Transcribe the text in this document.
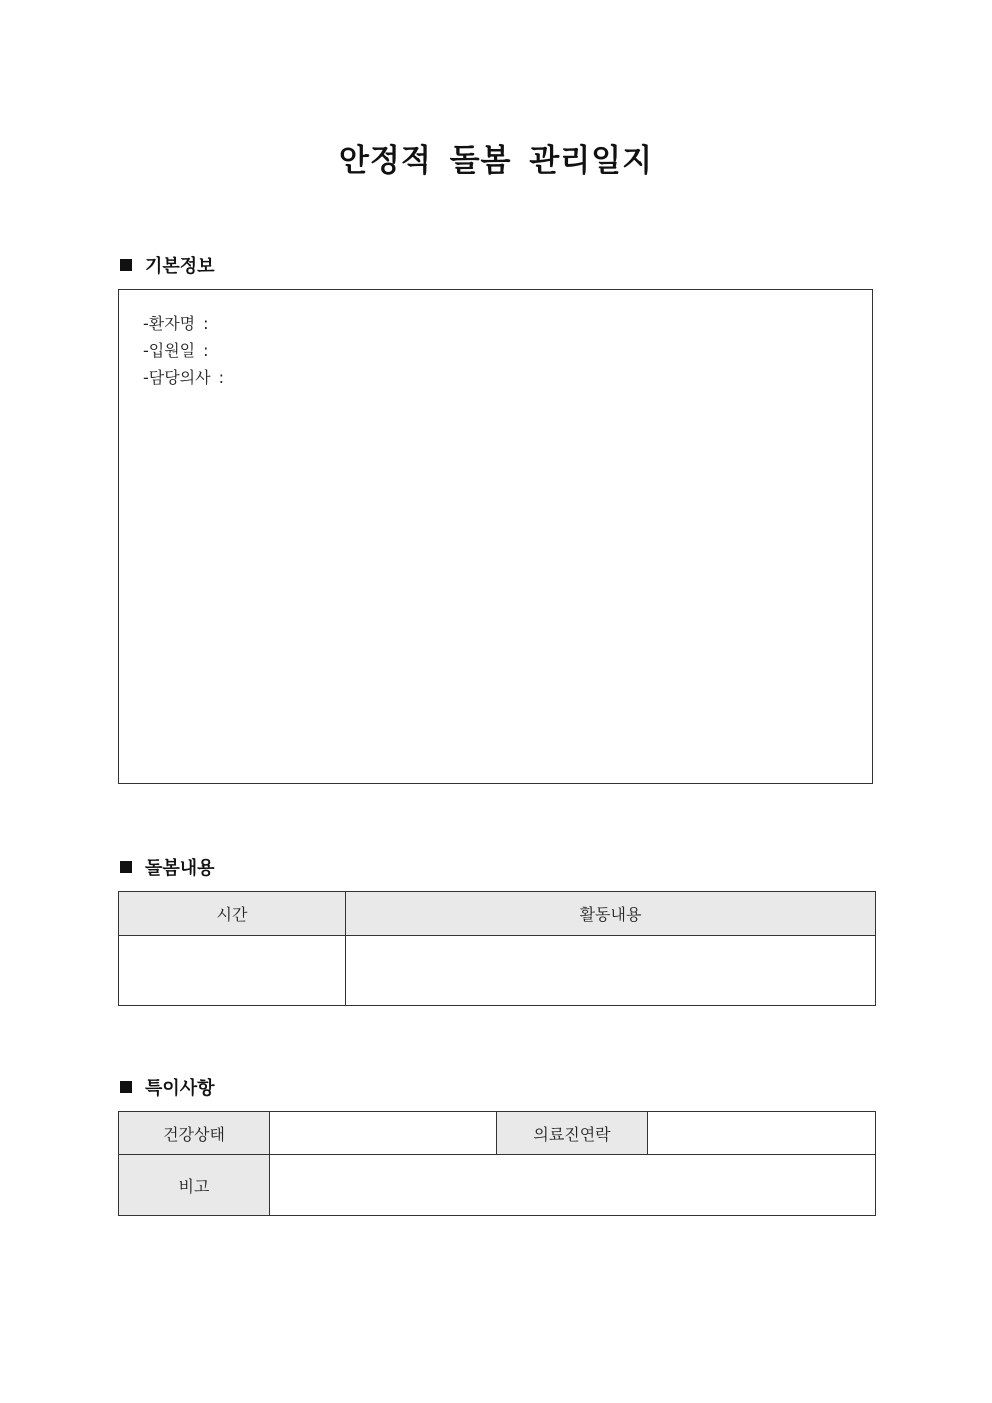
안정적 돌봄 관리일지
기본정보
-환자명 :
-입원일 :
-담당의사 :
돌봄내용
시간	활동내용

특이사항
건강상태		의료진연락	
비고			
